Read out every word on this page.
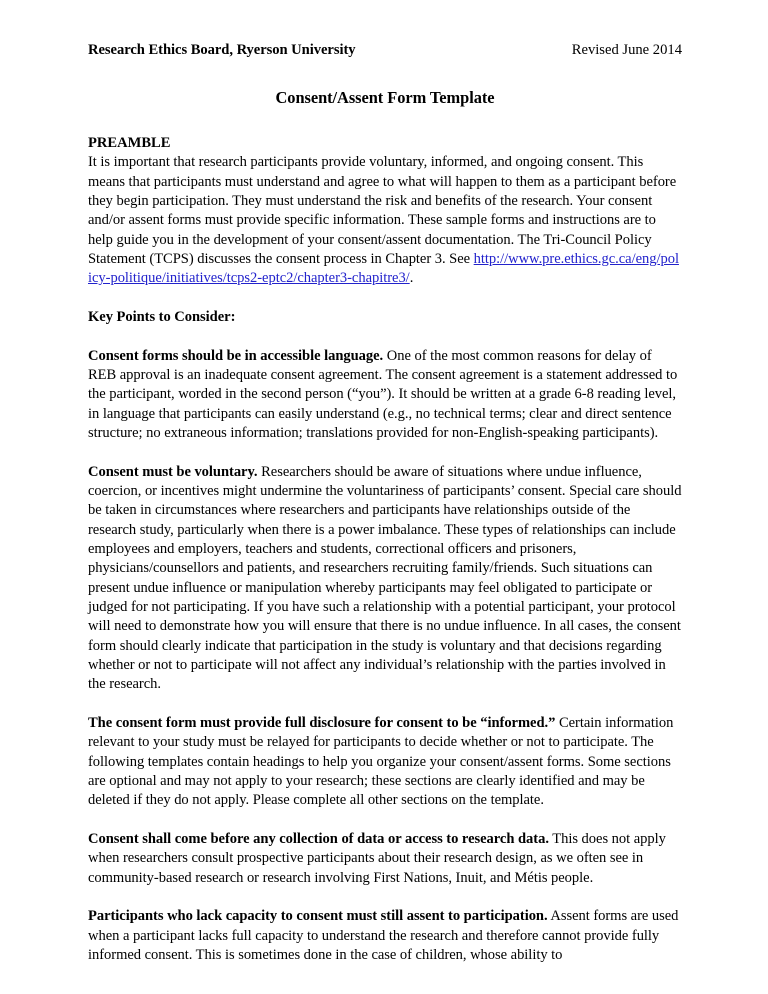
Research Ethics Board, Ryerson University	Revised June 2014
Consent/Assent Form Template

PREAMBLE

It is important that research participants provide voluntary, informed, and ongoing consent. This means that participants must understand and agree to what will happen to them as a participant before they begin participation. They must understand the risk and benefits of the research. Your consent and/or assent forms must provide specific information. These sample forms and instructions are to help guide you in the development of your consent/assent documentation. The Tri-Council Policy Statement (TCPS) discusses the consent process in Chapter 3. See http://www.pre.ethics.gc.ca/eng/policy-politique/initiatives/tcps2-eptc2/chapter3-chapitre3/.

Key Points to Consider:

Consent forms should be in accessible language. One of the most common reasons for delay of REB approval is an inadequate consent agreement. The consent agreement is a statement addressed to the participant, worded in the second person (“you”). It should be written at a grade 6-8 reading level, in language that participants can easily understand (e.g., no technical terms; clear and direct sentence structure; no extraneous information; translations provided for non-English-speaking participants).

Consent must be voluntary. Researchers should be aware of situations where undue influence, coercion, or incentives might undermine the voluntariness of participants’ consent. Special care should be taken in circumstances where researchers and participants have relationships outside of the research study, particularly when there is a power imbalance. These types of relationships can include employees and employers, teachers and students, correctional officers and prisoners, physicians/counsellors and patients, and researchers recruiting family/friends. Such situations can present undue influence or manipulation whereby participants may feel obligated to participate or judged for not participating. If you have such a relationship with a potential participant, your protocol will need to demonstrate how you will ensure that there is no undue influence. In all cases, the consent form should clearly indicate that participation in the study is voluntary and that decisions regarding whether or not to participate will not affect any individual’s relationship with the parties involved in the research.

The consent form must provide full disclosure for consent to be “informed.” Certain information relevant to your study must be relayed for participants to decide whether or not to participate. The following templates contain headings to help you organize your consent/assent forms. Some sections are optional and may not apply to your research; these sections are clearly identified and may be deleted if they do not apply. Please complete all other sections on the template.

Consent shall come before any collection of data or access to research data. This does not apply when researchers consult prospective participants about their research design, as we often see in community-based research or research involving First Nations, Inuit, and Métis people.

Participants who lack capacity to consent must still assent to participation. Assent forms are used when a participant lacks full capacity to understand the research and therefore cannot provide fully informed consent. This is sometimes done in the case of children, whose ability to
